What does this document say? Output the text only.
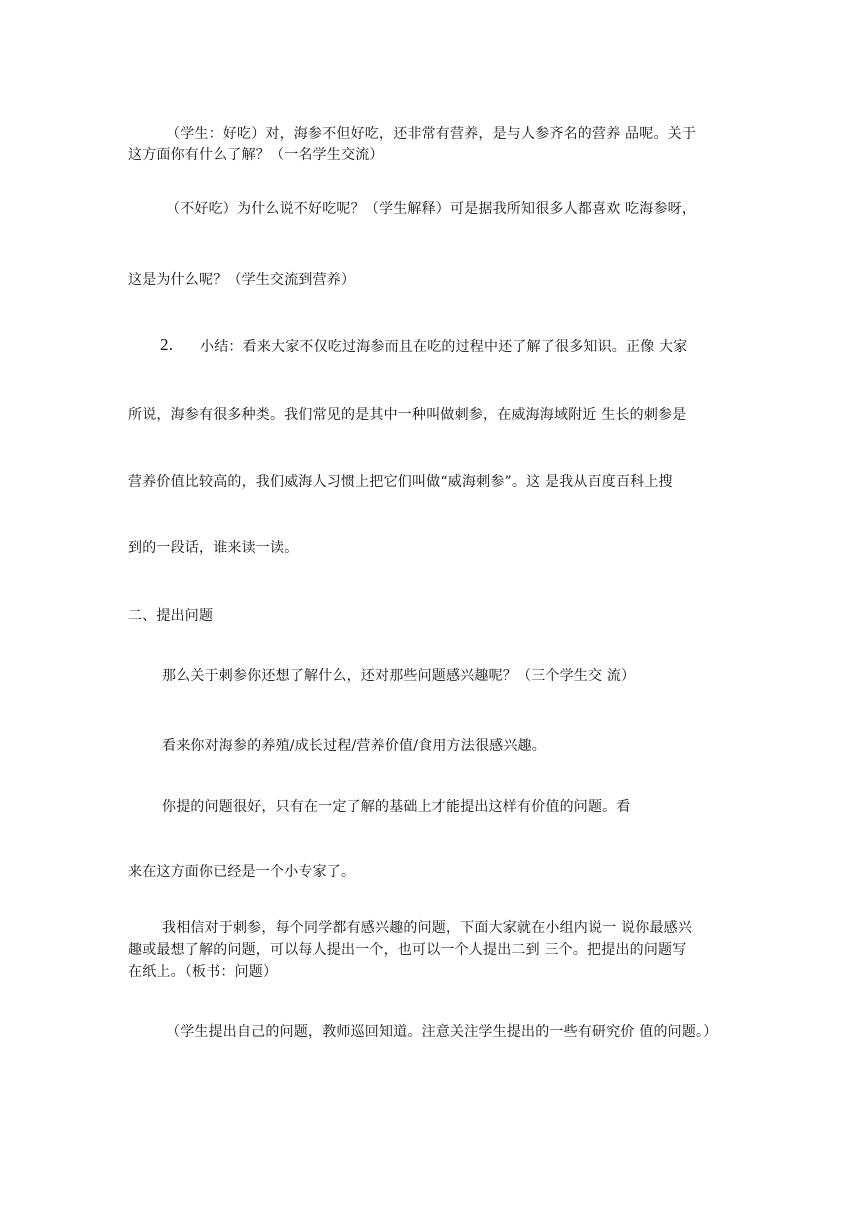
（学生：好吃）对，海参不但好吃，还非常有营养，是与人参齐名的营养 品呢。关于
这方面你有什么了解？（一名学生交流）
（不好吃）为什么说不好吃呢？（学生解释）可是据我所知很多人都喜欢 吃海参呀，
这是为什么呢？（学生交流到营养）
2. 小结：看来大家不仅吃过海参而且在吃的过程中还了解了很多知识。正像 大家
所说，海参有很多种类。我们常见的是其中一种叫做刺参，在威海海域附近 生长的刺参是
营养价值比较高的，我们威海人习惯上把它们叫做“威海刺参”。这 是我从百度百科上搜
到的一段话，谁来读一读。
二、提出问题
那么关于刺参你还想了解什么，还对那些问题感兴趣呢？（三个学生交 流）
看来你对海参的养殖/成长过程/营养价值/食用方法很感兴趣。
你提的问题很好，只有在一定了解的基础上才能提出这样有价值的问题。看
来在这方面你已经是一个小专家了。
我相信对于刺参，每个同学都有感兴趣的问题，下面大家就在小组内说一 说你最感兴
趣或最想了解的问题，可以每人提出一个，也可以一个人提出二到 三个。把提出的问题写
在纸上。（板书：问题）
（学生提出自己的问题，教师巡回知道。注意关注学生提出的一些有研究价 值的问题。）
